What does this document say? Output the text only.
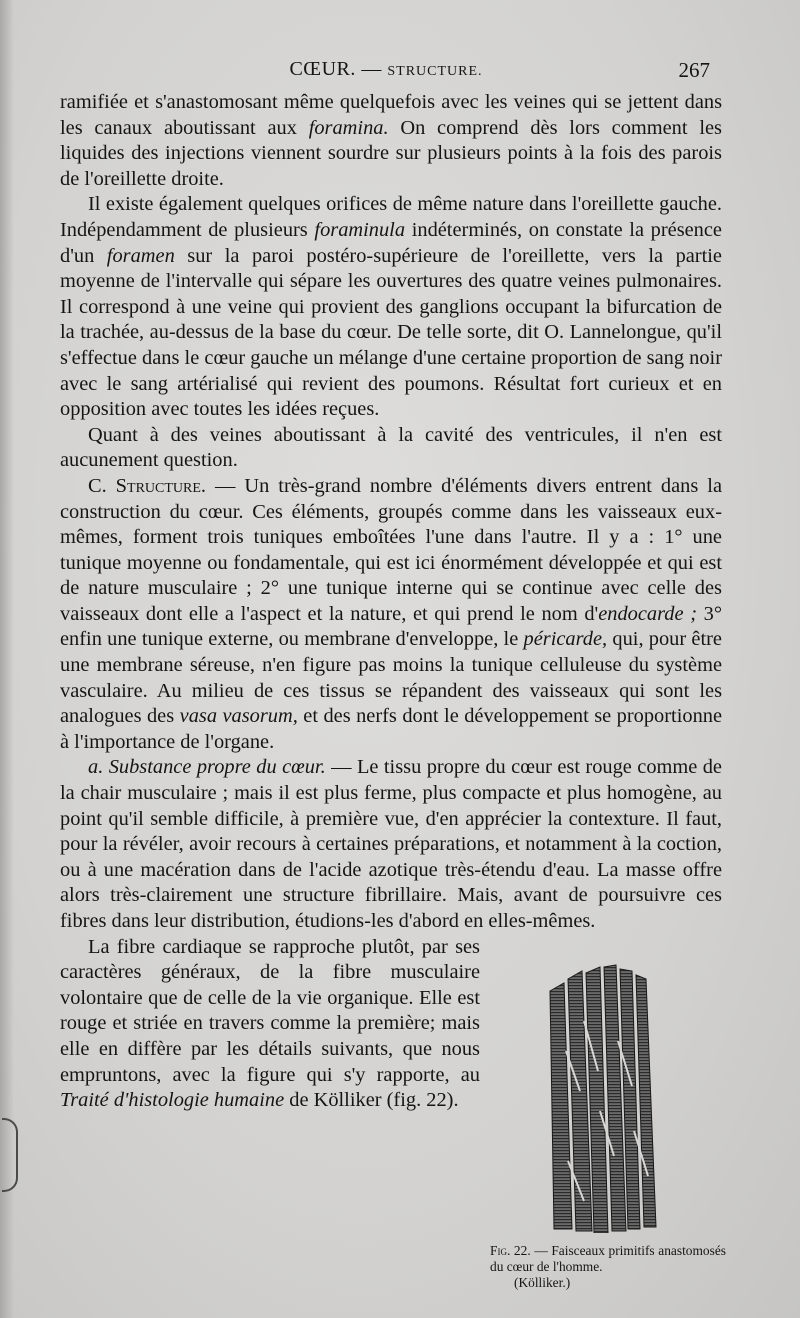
CŒUR. — STRUCTURE.	267

ramifiée et s'anastomosant même quelquefois avec les veines qui se jettent dans les canaux aboutissant aux foramina. On comprend dès lors comment les liquides des injections viennent sourdre sur plusieurs points à la fois des parois de l'oreillette droite.

Il existe également quelques orifices de même nature dans l'oreillette gauche. Indépendamment de plusieurs foraminula indéterminés, on constate la présence d'un foramen sur la paroi postéro-supérieure de l'oreillette, vers la partie moyenne de l'intervalle qui sépare les ouvertures des quatre veines pulmonaires. Il correspond à une veine qui provient des ganglions occupant la bifurcation de la trachée, au-dessus de la base du cœur. De telle sorte, dit O. Lannelongue, qu'il s'effectue dans le cœur gauche un mélange d'une certaine proportion de sang noir avec le sang artérialisé qui revient des poumons. Résultat fort curieux et en opposition avec toutes les idées reçues.

Quant à des veines aboutissant à la cavité des ventricules, il n'en est aucunement question.

C. Structure. — Un très-grand nombre d'éléments divers entrent dans la construction du cœur. Ces éléments, groupés comme dans les vaisseaux eux-mêmes, forment trois tuniques emboîtées l'une dans l'autre. Il y a : 1° une tunique moyenne ou fondamentale, qui est ici énormément développée et qui est de nature musculaire ; 2° une tunique interne qui se continue avec celle des vaisseaux dont elle a l'aspect et la nature, et qui prend le nom d'endocarde ; 3° enfin une tunique externe, ou membrane d'enveloppe, le péricarde, qui, pour être une membrane séreuse, n'en figure pas moins la tunique celluleuse du système vasculaire. Au milieu de ces tissus se répandent des vaisseaux qui sont les analogues des vasa vasorum, et des nerfs dont le développement se proportionne à l'importance de l'organe.

a. Substance propre du cœur. — Le tissu propre du cœur est rouge comme de la chair musculaire ; mais il est plus ferme, plus compacte et plus homogène, au point qu'il semble difficile, à première vue, d'en apprécier la contexture. Il faut, pour la révéler, avoir recours à certaines préparations, et notamment à la coction, ou à une macération dans de l'acide azotique très-étendu d'eau. La masse offre alors très-clairement une structure fibrillaire. Mais, avant de poursuivre ces fibres dans leur distribution, étudions-les d'abord en elles-mêmes.

Fig. 22. — Faisceaux primitifs anastomosés du cœur de l'homme.
(Kölliker.)

La fibre cardiaque se rapproche plutôt, par ses caractères généraux, de la fibre musculaire volontaire que de celle de la vie organique. Elle est rouge et striée en travers comme la première; mais elle en diffère par les détails suivants, que nous empruntons, avec la figure qui s'y rapporte, au Traité d'histologie humaine de Kölliker (fig. 22).
